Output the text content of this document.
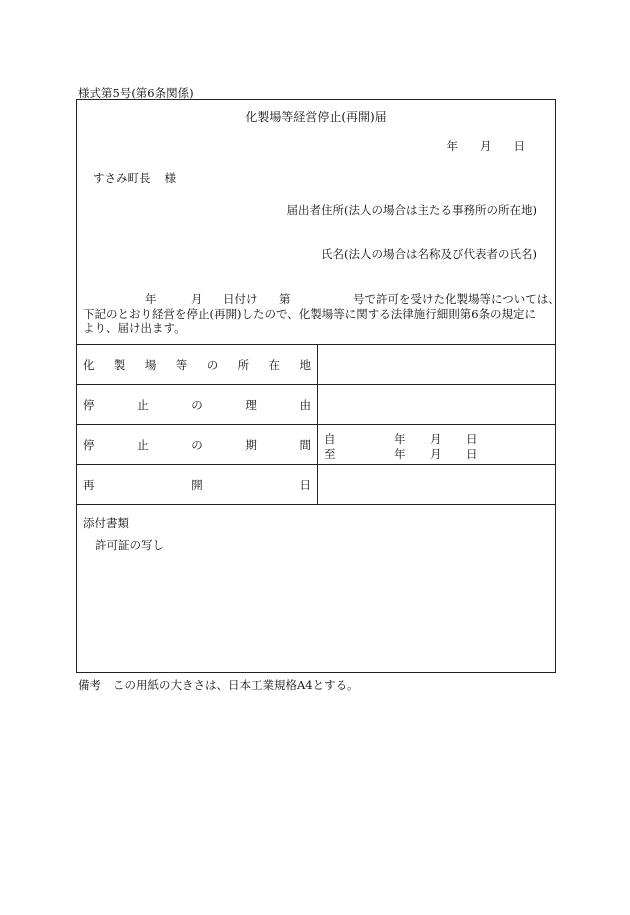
様式第5号(第6条関係)
化製場等経営停止(再開)届
年 月 日
すさみ町長 様
届出者住所(法人の場合は主たる事務所の所在地)
氏名(法人の場合は名称及び代表者の氏名)
年	月 日付け 第	号で許可を受けた化製場等については、
下記のとおり経営を停止(再開)したので、化製場等に関する法律施行細則第6条の規定に
より、届け出ます。
化 製 場 等 の 所 在 地
停	止	の	理	由
停	止	の	期	間 自	年	月	日
至	年	月	日
再	開	日
添付書類
許可証の写し
備考 この用紙の大きさは、日本工業規格A4とする。
